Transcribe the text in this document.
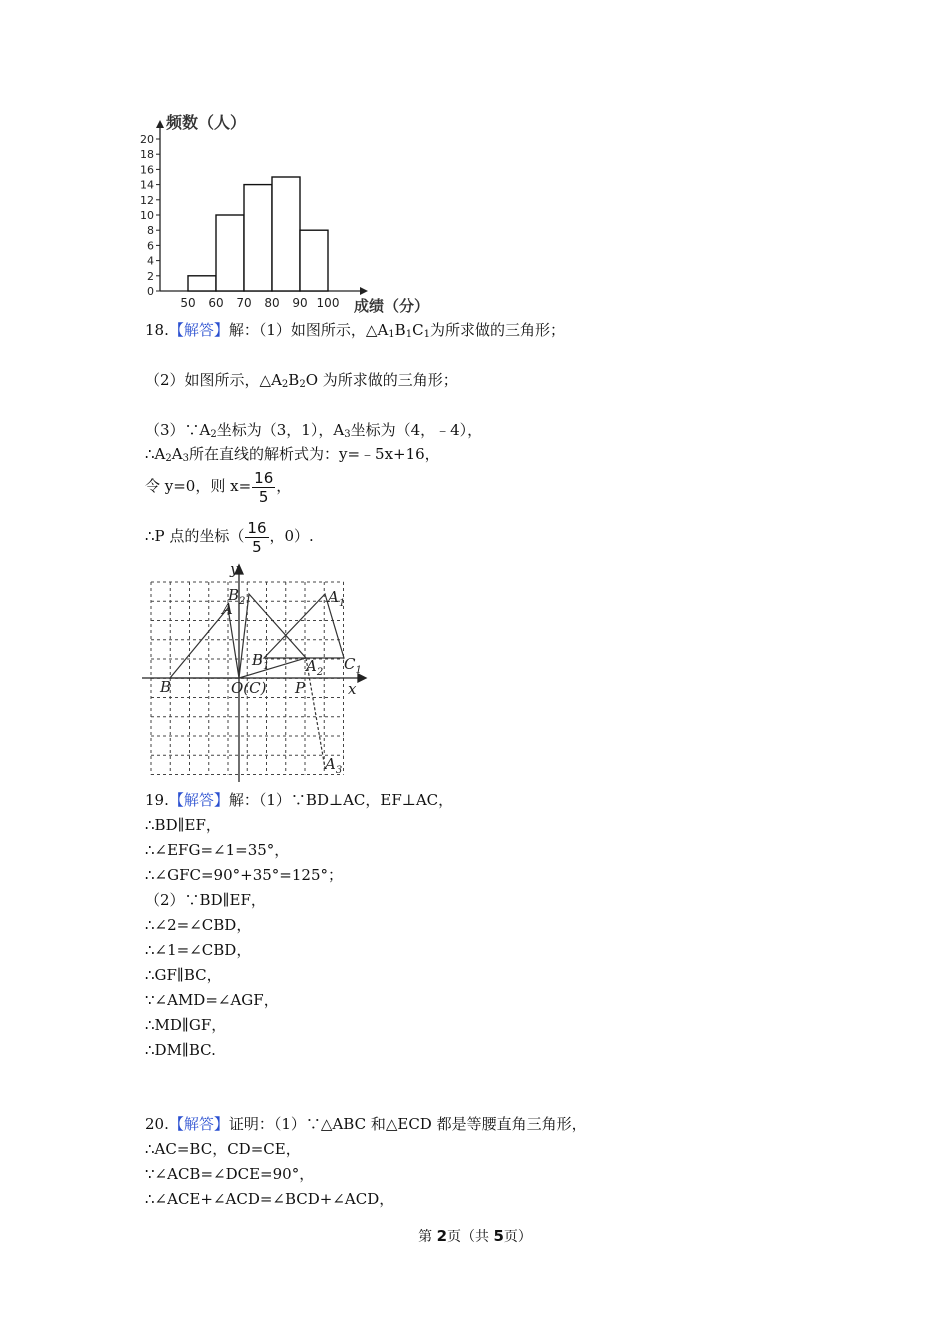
0
2
4
6
8
10
12
14
16
18
20
50 60 70 80 90 100
频数（人）
成绩（分）
18.【解答】解：（1）如图所示，$\triangle A_1B_1C_1$为所求做的三角形；
（2）如图所示，$\triangle A_2B_2O$ 为所求做的三角形；
$(3)\because A_2$坐标为（3，1），$A_3$坐标为（4，﹣4），
$\therefore A_2A_3$所在直线的解析式为：y=﹣5x+16，
令 y=0，则 $x= \frac{16}{5}$ ，
∴P 点的坐标（ $\frac{16}{5}$ ，0）.
y
x
$B_2$
A
$A_1$
$B_1$ $A_2$ $C_1$
B	O(C) P
$A_3$
19.【解答】解：（1）∵BD⊥AC，EF⊥AC，
∴BD∥EF，
∴∠EFG=∠1=35°，
∴∠GFC=90°+35°=125°；
（2）∵BD∥EF，
∴∠2=∠CBD，
∴∠1=∠CBD，
∴GF∥BC，
∵∠AMD=∠AGF，
∴MD∥GF，
∴DM∥BC.
20.【解答】证明：（1）∵△ABC 和△ECD 都是等腰直角三角形，
∴AC=BC，CD=CE，
∵∠ACB=∠DCE=90°，
∴∠ACE+∠ACD=∠BCD+∠ACD，
第 2页（共 5页）
